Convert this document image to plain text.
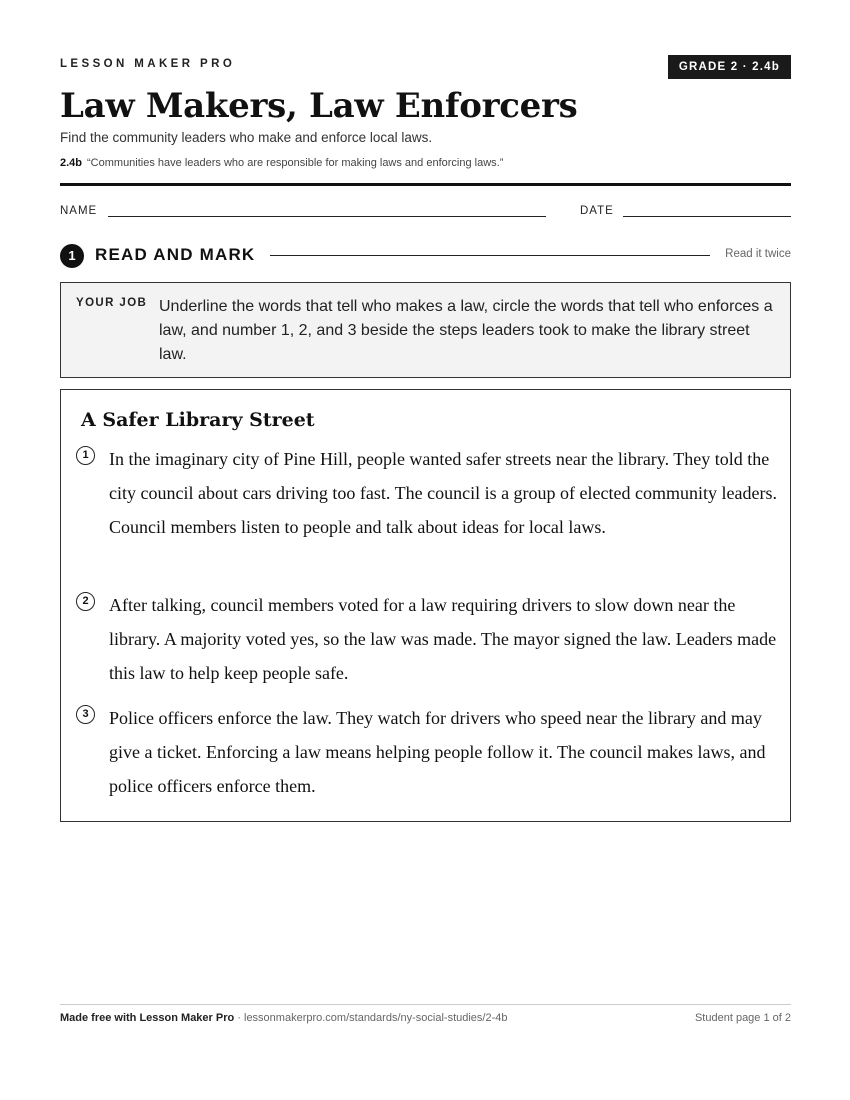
LESSON MAKER PRO	GRADE 2 · 2.4b
Law Makers, Law Enforcers
Find the community leaders who make and enforce local laws.
2.4b “Communities have leaders who are responsible for making laws and enforcing laws.”
NAME	DATE
1	READ AND MARK	Read it twice
YOUR JOB Underline the words that tell who makes a law, circle the words that tell who enforces a law, and number 1, 2, and 3 beside the steps leaders took to make the library street law.
A Safer Library Street
1	In the imaginary city of Pine Hill, people wanted safer streets near the library. They told the city council about cars driving too fast. The council is a group of elected community leaders. Council members listen to people and talk about ideas for local laws.

2	After talking, council members voted for a law requiring drivers to slow down near the library. A majority voted yes, so the law was made. The mayor signed the law. Leaders made this law to help keep people safe.

3	Police officers enforce the law. They watch for drivers who speed near the library and may give a ticket. Enforcing a law means helping people follow it. The council makes laws, and police officers enforce them.

Made free with Lesson Maker Pro · lessonmakerpro.com/standards/ny-social-studies/2-4b	Student page 1 of 2
